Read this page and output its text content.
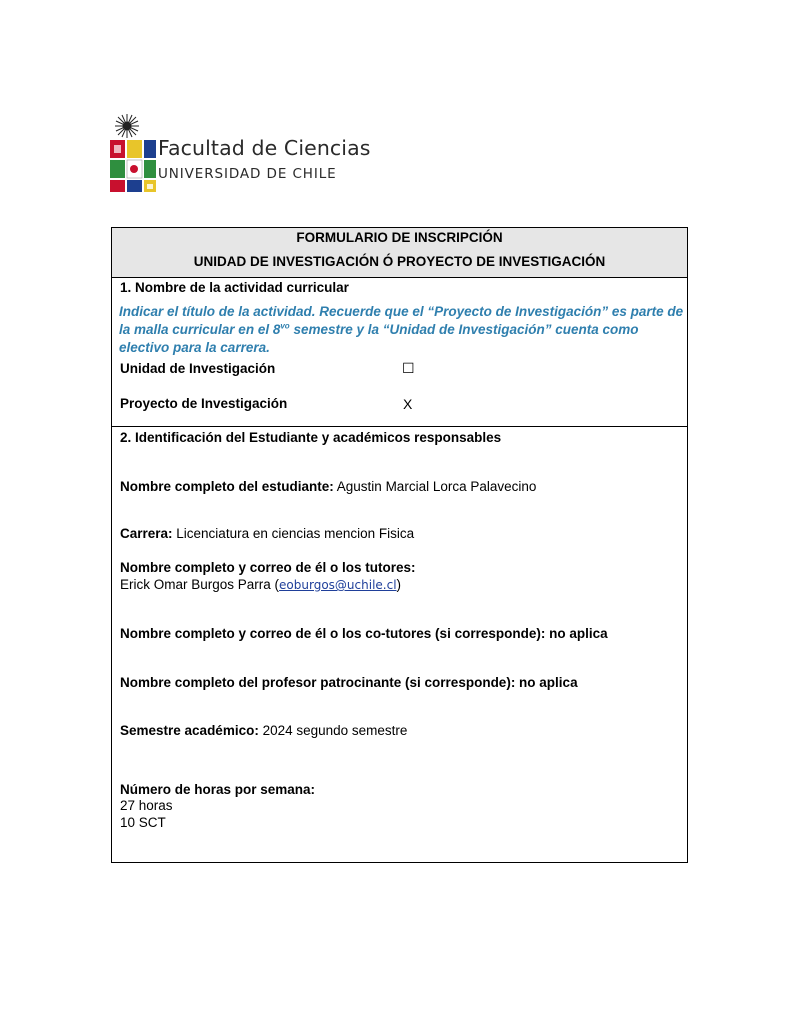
Facultad de Ciencias
UNIVERSIDAD DE CHILE
FORMULARIO DE INSCRIPCIÓN
UNIDAD DE INVESTIGACIÓN Ó PROYECTO DE INVESTIGACIÓN
1. Nombre de la actividad curricular
Indicar el título de la actividad. Recuerde que el “Proyecto de Investigación” es parte de la malla curricular en el $8^{vo}$ semestre y la “Unidad de Investigación” cuenta como electivo para la carrera.
Unidad de Investigación	☐
Proyecto de Investigación	X
2. Identificación del Estudiante y académicos responsables
Nombre completo del estudiante: Agustin Marcial Lorca Palavecino
Carrera: Licenciatura en ciencias mencion Fisica
Nombre completo y correo de él o los tutores:
Erick Omar Burgos Parra (eoburgos@uchile.cl)
Nombre completo y correo de él o los co-tutores (si corresponde): no aplica
Nombre completo del profesor patrocinante (si corresponde): no aplica
Semestre académico: 2024 segundo semestre
Número de horas por semana:
27 horas
10 SCT
